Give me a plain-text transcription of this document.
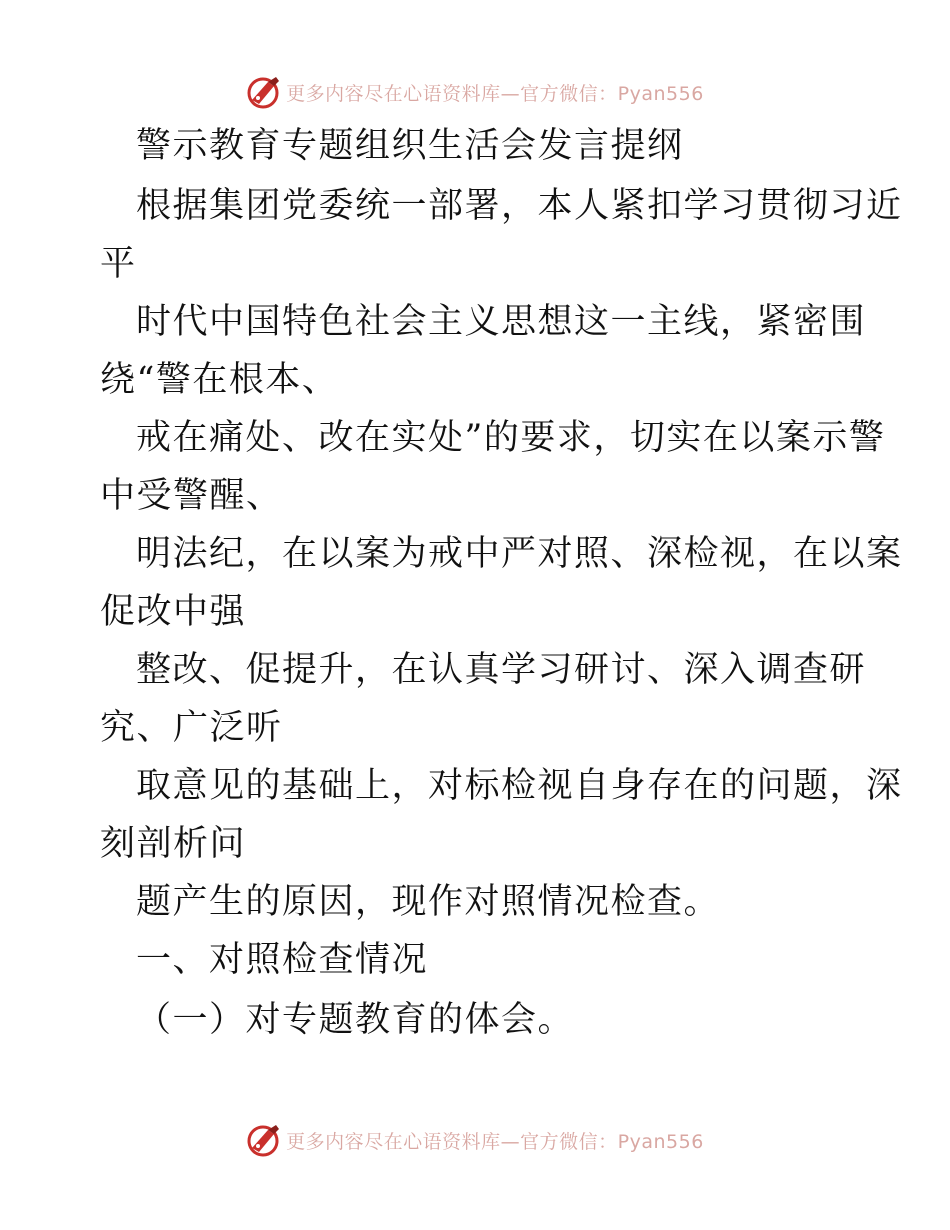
更多内容尽在心语资料库—官方微信：Pyan556
警示教育专题组织生活会发言提纲
根据集团党委统一部署，本人紧扣学习贯彻习近
平
时代中国特色社会主义思想这一主线，紧密围
绕“警在根本、
戒在痛处、改在实处”的要求，切实在以案示警
中受警醒、
明法纪，在以案为戒中严对照、深检视，在以案
促改中强
整改、促提升，在认真学习研讨、深入调查研
究、广泛听
取意见的基础上，对标检视自身存在的问题，深
刻剖析问
题产生的原因，现作对照情况检查。
一、对照检查情况
（一）对专题教育的体会。
更多内容尽在心语资料库—官方微信：Pyan556
